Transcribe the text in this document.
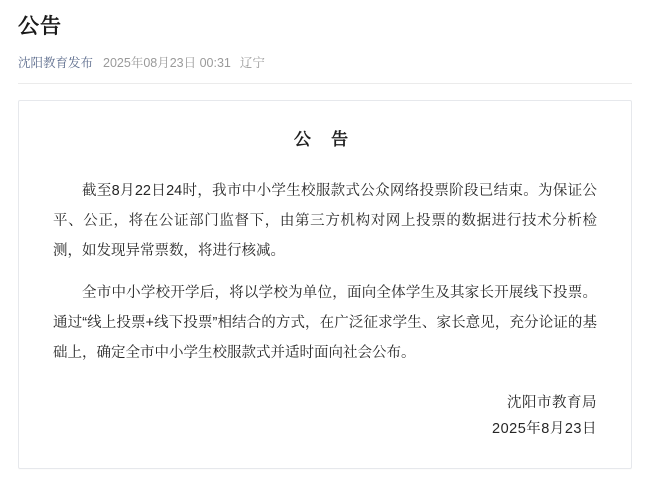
公告
沈阳教育发布 2025年08月23日 00:31 辽宁
公 告

截至8月22日24时，我市中小学生校服款式公众网络投票阶段已结束。为保证公平、公正，将在公证部门监督下，由第三方机构对网上投票的数据进行技术分析检测，如发现异常票数，将进行核减。

全市中小学校开学后，将以学校为单位，面向全体学生及其家长开展线下投票。通过“线上投票+线下投票”相结合的方式，在广泛征求学生、家长意见，充分论证的基础上，确定全市中小学生校服款式并适时面向社会公布。

沈阳市教育局
2025年8月23日
